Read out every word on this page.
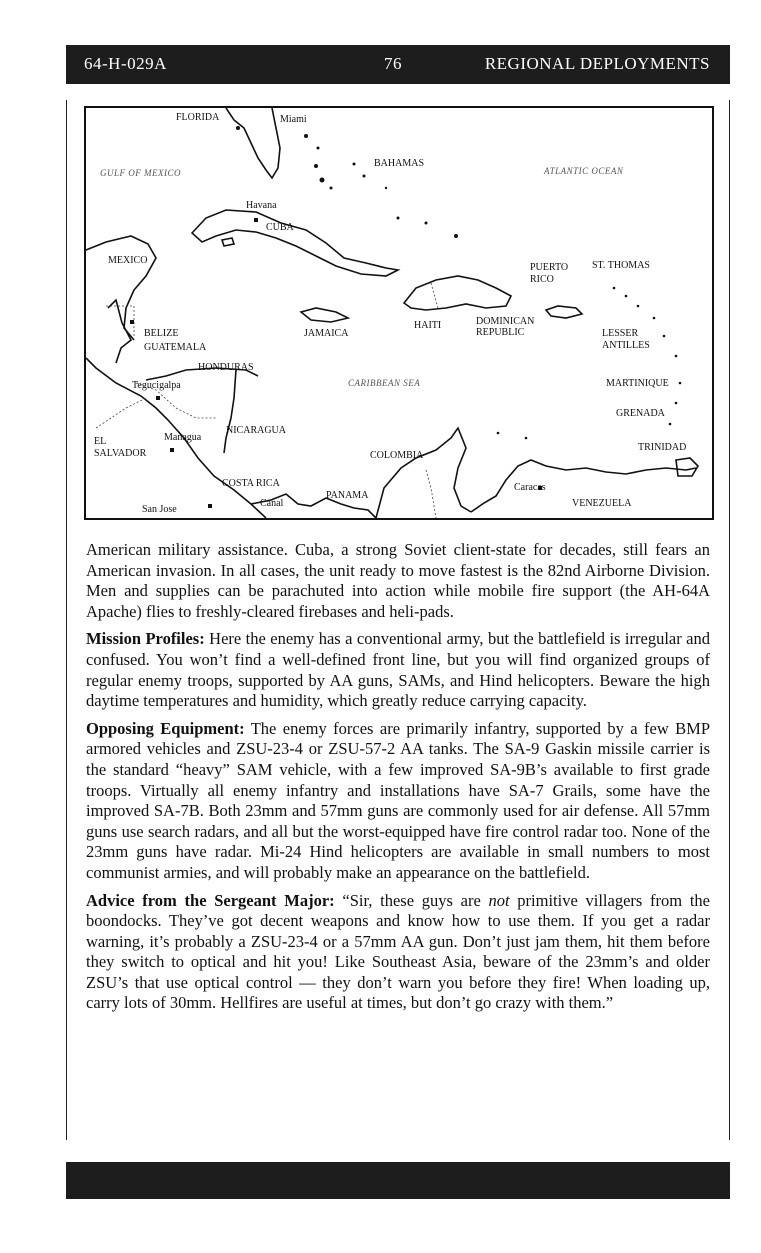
64-H-029A	76	REGIONAL DEPLOYMENTS
FLORIDA	Miami
GULF OF MEXICO
BAHAMAS
ATLANTIC OCEAN
Havana
CUBA
MEXICO
PUERTO
RICO
ST. THOMAS
BELIZE
GUATEMALA
JAMAICA
HAITI	DOMINICAN
REPUBLIC	LESSER
ANTILLES
HONDURAS
Tegucigalpa	CARIBBEAN SEA	MARTINIQUE
GRENADA
EL
SALVADOR
Managua
NICARAGUA
COLOMBIA
TRINIDAD
COSTA RICA	Caracas
Canal
PANAMA
San Jose
VENEZUELA

American military assistance. Cuba, a strong Soviet client-state for decades, still fears an American invasion. In all cases, the unit ready to move fastest is the 82nd Airborne Division. Men and supplies can be parachuted into action while mobile fire support (the AH-64A Apache) flies to freshly-cleared firebases and heli-pads.

Mission Profiles: Here the enemy has a conventional army, but the battlefield is irregular and confused. You won’t find a well-defined front line, but you will find organized groups of regular enemy troops, supported by AA guns, SAMs, and Hind helicopters. Beware the high daytime temperatures and humidity, which greatly reduce carrying capacity.

Opposing Equipment: The enemy forces are primarily infantry, supported by a few BMP armored vehicles and ZSU-23-4 or ZSU-57-2 AA tanks. The SA-9 Gaskin missile carrier is the standard “heavy” SAM vehicle, with a few improved SA-9B’s available to first grade troops. Virtually all enemy infantry and installations have SA-7 Grails, some have the improved SA-7B. Both 23mm and 57mm guns are commonly used for air defense. All 57mm guns use search radars, and all but the worst-equipped have fire control radar too. None of the 23mm guns have radar. Mi-24 Hind helicopters are available in small numbers to most communist armies, and will probably make an appearance on the battlefield.

Advice from the Sergeant Major: “Sir, these guys are not primitive villagers from the boondocks. They’ve got decent weapons and know how to use them. If you get a radar warning, it’s probably a ZSU-23-4 or a 57mm AA gun. Don’t just jam them, hit them before they switch to optical and hit you! Like Southeast Asia, beware of the 23mm’s and older ZSU’s that use optical control — they don’t warn you before they fire! When loading up, carry lots of 30mm. Hellfires are useful at times, but don’t go crazy with them.”
